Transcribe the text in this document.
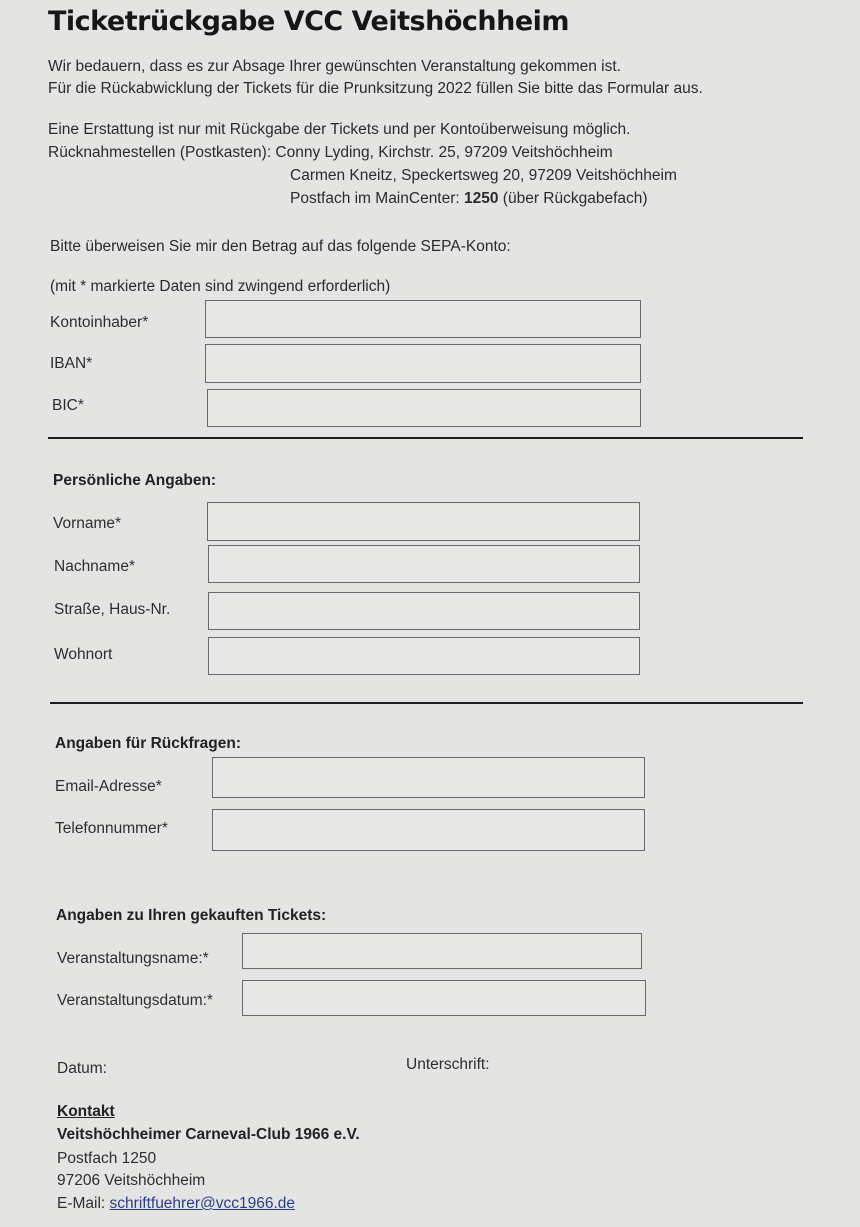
Ticketrückgabe VCC Veitshöchheim
Wir bedauern, dass es zur Absage Ihrer gewünschten Veranstaltung gekommen ist.
Für die Rückabwicklung der Tickets für die Prunksitzung 2022 füllen Sie bitte das Formular aus.
Eine Erstattung ist nur mit Rückgabe der Tickets und per Kontoüberweisung möglich.
Rücknahmestellen (Postkasten): Conny Lyding, Kirchstr. 25, 97209 Veitshöchheim
Carmen Kneitz, Speckertsweg 20, 97209 Veitshöchheim
Postfach im MainCenter: 1250 (über Rückgabefach)
Bitte überweisen Sie mir den Betrag auf das folgende SEPA-Konto:
(mit * markierte Daten sind zwingend erforderlich)
Kontoinhaber*
IBAN*
BIC*
Persönliche Angaben:
Vorname*
Nachname*
Straße, Haus-Nr.
Wohnort
Angaben für Rückfragen:
Email-Adresse*
Telefonnummer*
Angaben zu Ihren gekauften Tickets:
Veranstaltungsname:*
Veranstaltungsdatum:*
Datum:	Unterschrift:
Kontakt
Veitshöchheimer Carneval-Club 1966 e.V.
Postfach 1250
97206 Veitshöchheim
E-Mail: schriftfuehrer@vcc1966.de
